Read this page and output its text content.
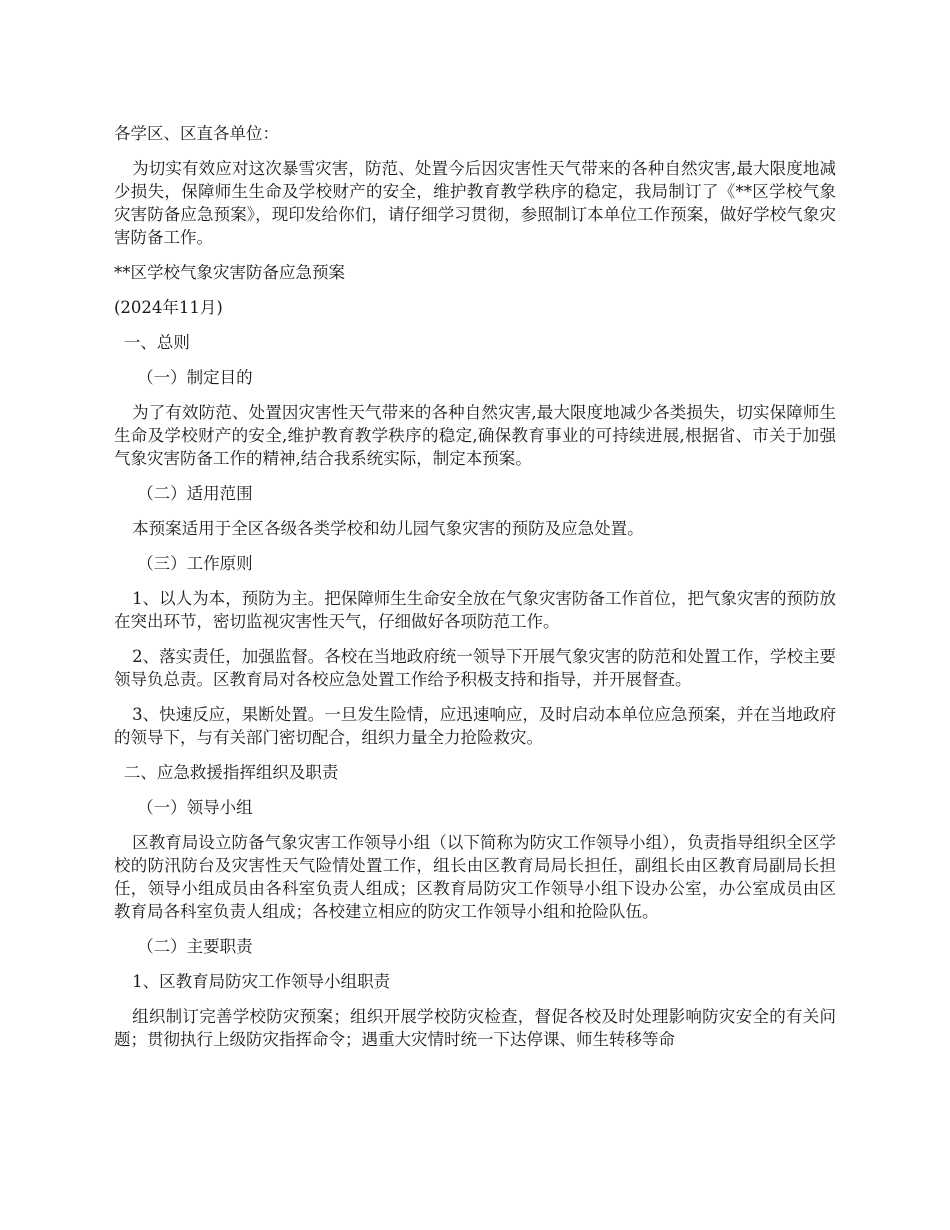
各学区、区直各单位：

为切实有效应对这次暴雪灾害，防范、处置今后因灾害性天气带来的各种自然灾害,最大限度地减少损失，保障师生生命及学校财产的安全，维护教育教学秩序的稳定，我局制订了《**区学校气象灾害防备应急预案》，现印发给你们，请仔细学习贯彻，参照制订本单位工作预案，做好学校气象灾害防备工作。

**区学校气象灾害防备应急预案

(2024年11月)

一、总则

（一）制定目的

为了有效防范、处置因灾害性天气带来的各种自然灾害,最大限度地减少各类损失，切实保障师生生命及学校财产的安全,维护教育教学秩序的稳定,确保教育事业的可持续进展,根据省、市关于加强气象灾害防备工作的精神,结合我系统实际，制定本预案。

（二）适用范围

本预案适用于全区各级各类学校和幼儿园气象灾害的预防及应急处置。

（三）工作原则

1、以人为本，预防为主。把保障师生生命安全放在气象灾害防备工作首位，把气象灾害的预防放在突出环节，密切监视灾害性天气，仔细做好各项防范工作。

2、落实责任，加强监督。各校在当地政府统一领导下开展气象灾害的防范和处置工作，学校主要领导负总责。区教育局对各校应急处置工作给予积极支持和指导，并开展督查。

3、快速反应，果断处置。一旦发生险情，应迅速响应，及时启动本单位应急预案，并在当地政府的领导下，与有关部门密切配合，组织力量全力抢险救灾。

二、应急救援指挥组织及职责

（一）领导小组

区教育局设立防备气象灾害工作领导小组（以下简称为防灾工作领导小组），负责指导组织全区学校的防汛防台及灾害性天气险情处置工作，组长由区教育局局长担任，副组长由区教育局副局长担任，领导小组成员由各科室负责人组成；区教育局防灾工作领导小组下设办公室，办公室成员由区教育局各科室负责人组成；各校建立相应的防灾工作领导小组和抢险队伍。

（二）主要职责

1、区教育局防灾工作领导小组职责

组织制订完善学校防灾预案；组织开展学校防灾检查，督促各校及时处理影响防灾安全的有关问题；贯彻执行上级防灾指挥命令；遇重大灾情时统一下达停课、师生转移等命
